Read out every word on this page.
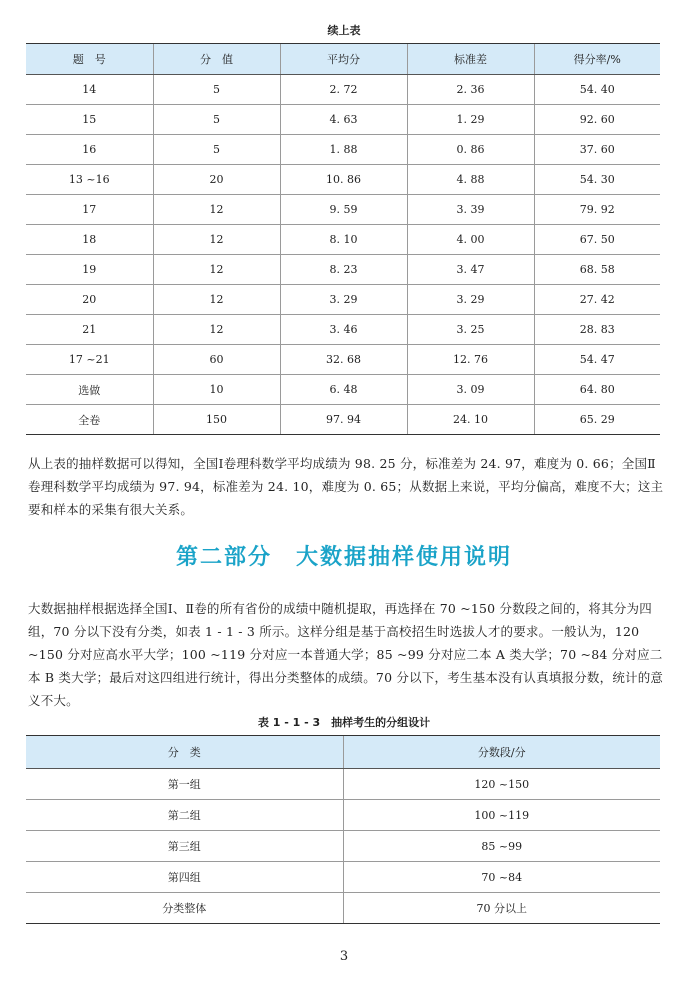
续上表
题　号	分　值	平均分	标准差	得分率/%
14	5	2. 72	2. 36	54. 40
15	5	4. 63	1. 29	92. 60
16	5	1. 88	0. 86	37. 60
13 ~16	20	10. 86	4. 88	54. 30
17	12	9. 59	3. 39	79. 92
18	12	8. 10	4. 00	67. 50
19	12	8. 23	3. 47	68. 58
20	12	3. 29	3. 29	27. 42
21	12	3. 46	3. 25	28. 83
17 ~21	60	32. 68	12. 76	54. 47
选做	10	6. 48	3. 09	64. 80
全卷	150	97. 94	24. 10	65. 29

从上表的抽样数据可以得知，全国Ⅰ卷理科数学平均成绩为 98. 25 分，标准差为 24. 97，难度为 0. 66；全国Ⅱ卷理科数学平均成绩为 97. 94，标准差为 24. 10，难度为 0. 65；从数据上来说，平均分偏高，难度不大；这主要和样本的采集有很大关系。

第二部分　大数据抽样使用说明

大数据抽样根据选择全国Ⅰ、Ⅱ卷的所有省份的成绩中随机提取，再选择在 70 ~150 分数段之间的，将其分为四组，70 分以下没有分类，如表 1 - 1 - 3 所示。这样分组是基于高校招生时选拔人才的要求。一般认为，120 ~150 分对应高水平大学；100 ~119 分对应一本普通大学；85 ~99 分对应二本 A 类大学；70 ~84 分对应二本 B 类大学；最后对这四组进行统计，得出分类整体的成绩。70 分以下，考生基本没有认真填报分数，统计的意义不大。

表 1 - 1 - 3　抽样考生的分组设计
分　类	分数段/分
第一组	120 ~150
第二组	100 ~119
第三组	85 ~99
第四组	70 ~84
分类整体	70 分以上
3
